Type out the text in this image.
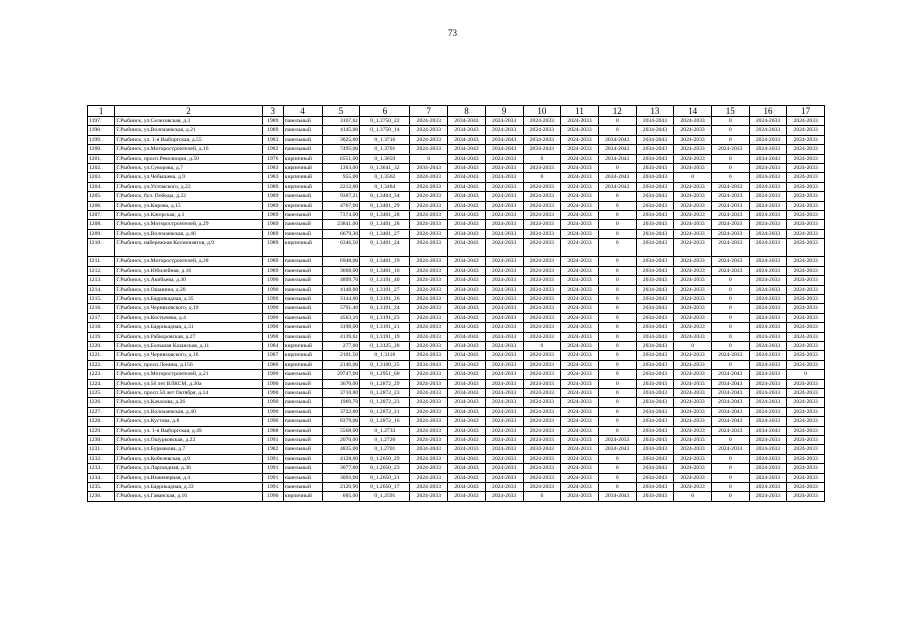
73
1	2	3	4	5	6	7	8	9	10	11	12	13	14	15	16	17
1197.	Г.Рыбинск, ул.Селеховская, д.3	1989	панельный	3167,61	0_1.3750_22	2024-2033	2034-2043	2024-2033	2024-2033	2024-2033	0	2034-2043	2024-2033	0	2024-2033	2024-2033
1198.	Г.Рыбинск, ул.Волочаевская, д.21	1989	панельный	4145,00	0_1.3750_14	2024-2033	2034-2043	2024-2033	2024-2033	2024-2033	0	2034-2043	2024-2033	0	2024-2033	2024-2033
1199.	Г.Рыбинск, ул. 1-я Выборгская, д.55	1983	панельный	3025,00	0_1.3716	2024-2033	2034-2043	2034-2043	2034-2043	2024-2033	2034-2043	2034-2043	2024-2033	0	2024-2033	2024-2033
1200.	Г.Рыбинск, ул.Моторостроителей, д.16	1982	панельный	7495,00	0_1.3701	2024-2033	2034-2043	2034-2043	2034-2043	2024-2033	2034-2043	2034-2043	2024-2033	2024-2033	2024-2033	2024-2033
1201.	Г.Рыбинск, просп.Революции, д.50	1976	кирпичный	6551,00	0_1.3659	0	2034-2043	2024-2033	0	2024-2033	2034-2043	2034-2043	2024-2033	0	2034-2043	2024-2033
1202.	Г.Рыбинск, ул.Суворова, д.7	1983	кирпичный	1363,00	0_1.3641_32	2034-2043	2034-2043	2024-2033	2024-2033	2024-2033	0	2034-2043	2024-2033	0	2024-2033	2024-2033
1203.	Г.Рыбинск, ул.Чебышева, д.9	1983	кирпичный	955,00	0_1.3562	2024-2033	2034-2043	2024-2033	0	2024-2033	2034-2043	2034-2043	0	0	2024-2033	2024-2033
1204.	Г.Рыбинск, ул.Ухтомского, д.22	1989	кирпичный	2212,00	0_1.3484	2024-2033	2034-2043	2024-2033	2024-2033	2024-2033	2034-2043	2034-2043	2024-2033	2024-2033	2024-2033	2024-2033
1205.	Г.Рыбинск, бул. Победы, д.22	1989	панельный	9307,21	0_1.3404_34	2024-2033	2034-2043	2024-2033	2024-2033	2024-2033	0	2034-2043	2024-2033	2024-2033	2024-2033	2024-2033
1206.	Г.Рыбинск, ул.Кирова, д.15	1989	кирпичный	4767,00	0_1.3401_29	2024-2033	2034-2043	2024-2033	2024-2033	2024-2033	0	2034-2043	2024-2033	2024-2033	2024-2033	2024-2033
1207.	Г.Рыбинск, ул.Катерская, д.1	1989	панельный	7374,00	0_1.3401_28	2024-2033	2034-2043	2024-2033	2024-2033	2024-2033	0	2034-2043	2024-2033	2024-2033	2024-2033	2024-2033
1208.	Г.Рыбинск, ул.Моторостроителей, д.29	1989	панельный	23841,00	0_1.3401_28	2024-2033	2034-2043	2024-2033	2024-2033	2024-2033	0	2034-2043	2024-2033	2024-2033	2024-2033	2024-2033
1209.	Г.Рыбинск, ул.Волочаевская, д.46	1989	панельный	6679,30	0_1.3401_27	2024-2033	2034-2043	2024-2033	2024-2033	2024-2033	0	2034-2043	2024-2033	2024-2033	2024-2033	2024-2033
1210.	Г.Рыбинск, набережная Космонавтов, д.9	1989	кирпичный	6346,50	0_1.3401_24	2024-2033	2034-2043	2024-2033	2024-2033	2024-2033	0	2034-2043	2024-2033	2024-2033	2024-2033	2024-2033
1211.	Г.Рыбинск, ул.Моторостроителей, д.28	1989	панельный	6948,00	0_1.3401_19	2024-2033	2034-2043	2024-2033	2024-2033	2024-2033	0	2034-2043	2024-2033	2024-2033	2024-2033	2024-2033
1212.	Г.Рыбинск, ул.Юбилейная, д.16	1989	панельный	3668,00	0_1.3401_16	2024-2033	2034-2043	2024-2033	2024-2033	2024-2033	0	2034-2043	2024-2033	2024-2033	2024-2033	2024-2033
1213.	Г.Рыбинск, ул.Акибьева, д.30	1990	панельный	4899,70	0_1.3191_40	2024-2033	2034-2043	2024-2033	2024-2033	2024-2033	0	2034-2043	2024-2033	0	2024-2033	2024-2033
1214.	Г.Рыбинск, ул.Ошанина, д.20	1990	панельный	4148,00	0_1.3191_27	2024-2033	2034-2043	2024-2033	2024-2033	2024-2033	0	2034-2043	2024-2033	0	2024-2033	2024-2033
1215.	Г.Рыбинск, ул.Баррикадная, д.35	1990	панельный	3144,00	0_1.3191_26	2024-2033	2034-2043	2024-2033	2024-2033	2024-2033	0	2034-2043	2024-2033	0	2024-2033	2024-2033
1216.	Г.Рыбинск, ул.Черняховского, д.19	1990	панельный	5791,40	0_1.3191_24	2024-2033	2034-2043	2024-2033	2024-2033	2024-2033	0	2034-2043	2024-2033	0	2024-2033	2024-2033
1217.	Г.Рыбинск, ул.Костычева, д.4	1990	панельный	4563,10	0_1.3191_23	2024-2033	2034-2043	2024-2033	2024-2033	2024-2033	0	2034-2043	2024-2033	0	2024-2033	2024-2033
1218.	Г.Рыбинск, ул.Баррикадная, д.31	1990	панельный	3198,00	0_1.3191_21	2024-2033	2034-2043	2024-2033	2024-2033	2024-2033	0	2034-2043	2024-2033	0	2024-2033	2024-2033
1219.	Г.Рыбинск, ул.Рабкоровская, д.27	1990	панельный	4139,61	0_1.3191_19	2024-2033	2034-2043	2024-2033	2024-2033	2024-2033	0	2034-2043	2024-2033	0	2024-2033	2024-2033
1220.	Г.Рыбинск, ул.Большая Казанская, д.11	1984	кирпичный	277,00	0_1.3125_28	2024-2033	2034-2043	2024-2033	0	2024-2033	0	2034-2043	0	0	2024-2033	2024-2033
1221.	Г.Рыбинск, ул.Черняховского, д.16	1987	кирпичный	2101,50	0_1.3118	2024-2033	2034-2043	2024-2033	2024-2033	2024-2033	0	2034-2043	2024-2033	2024-2033	2024-2033	2024-2033
1222.	Г.Рыбинск, просп.Ленина, д.156	1986	кирпичный	2140,00	0_1.3100_25	2034-2043	2034-2043	2024-2033	2024-2033	2024-2033	0	2034-2043	2024-2033	0	2024-2033	2024-2033
1223.	Г.Рыбинск, ул.Моторостроителей, д.21	1990	панельный	29747,00	0_1.2951_60	2024-2033	2034-2043	2024-2033	2024-2033	2024-2033	0	2034-2043	2024-2033	2034-2043	2024-2033	0
1224.	Г.Рыбинск, ул.50 лет ВЛКСМ, д.30а	1990	панельный	3670,00	0_1.2872_29	2024-2033	2034-2043	2024-2033	2024-2033	2024-2033	0	2034-2043	2024-2033	2034-2043	2024-2033	2024-2033
1225.	Г.Рыбинск, просп.50 лет Октября, д.14	1990	панельный	3710,80	0_1.2872_23	2024-2033	2034-2043	2024-2033	2024-2033	2024-2033	0	2034-2043	2024-2033	2034-2043	2024-2033	2024-2033
1226.	Г.Рыбинск, ул.Качалова, д.26	1990	панельный	1969,70	0_1.2872_23	2024-2033	2034-2043	2024-2033	2024-2033	2024-2033	0	2034-2043	2024-2033	2034-2043	2024-2033	2024-2033
1227.	Г.Рыбинск, ул.Волочаевская, д.40	1990	панельный	3722,00	0_1.2872_21	2024-2033	2034-2043	2024-2033	2024-2033	2024-2033	0	2034-2043	2024-2033	2034-2043	2024-2033	2024-2033
1228.	Г.Рыбинск, ул.Кустова, д.8	1990	панельный	8379,00	0_1.2872_16	2024-2033	2034-2043	2024-2033	2024-2033	2024-2033	0	2034-2043	2024-2033	2034-2043	2024-2033	2024-2033
1229.	Г.Рыбинск, ул. 1-я Выборгская, д.49	1988	панельный	5568,00	0_1.2733	2024-2033	2034-2043	2024-2033	2024-2033	2024-2033	0	2034-2043	2024-2033	2024-2033	2034-2043	2024-2033
1230.	Г.Рыбинск, ул.Ошурковская, д.22	1991	панельный	2070,00	0_1.2726	2024-2033	2034-2043	2024-2033	2024-2033	2024-2033	2024-2033	2034-2043	2024-2033	0	2024-2033	2024-2033
1231.	Г.Рыбинск, ул.Бурмакова, д.7	1982	панельный	4835,00	0_1.2701	2034-2043	2024-2033	2024-2033	2034-2043	2024-2033	2034-2043	2034-2043	2024-2033	2024-2033	2024-2033	2024-2033
1232.	Г.Рыбинск, ул.Кобелевская, д.9	1991	панельный	4128,00	0_1.2650_29	2024-2033	2034-2043	2024-2033	2024-2033	2024-2033	0	2034-2043	2024-2033	0	2024-2033	2024-2033
1233.	Г.Рыбинск, ул.Ларскодная, д.36	1991	панельный	3077,00	0_1.2650_23	2024-2033	2034-2043	2024-2033	2024-2033	2024-2033	0	2034-2043	2024-2033	0	2024-2033	2024-2033
1234.	Г.Рыбинск, ул.Инженерная, д.4	1991	панельный	3093,00	0_1.2650_21	2024-2033	2034-2043	2024-2033	2024-2033	2024-2033	0	2034-2043	2024-2033	0	2024-2033	2024-2033
1235.	Г.Рыбинск, ул.Баррикадная, д.33	1991	панельный	2120,90	0_1.2650_17	2024-2033	2034-2043	2024-2033	2024-2033	2024-2033	0	2034-2043	2024-2033	0	2024-2033	2024-2033
1236.	Г.Рыбинск, ул.Гаванская, д.16	1990	кирпичный	605,00	0_1.2591	2024-2033	2034-2043	2024-2033	0	2024-2033	2034-2043	2034-2043	0	0	2024-2033	2024-2033
